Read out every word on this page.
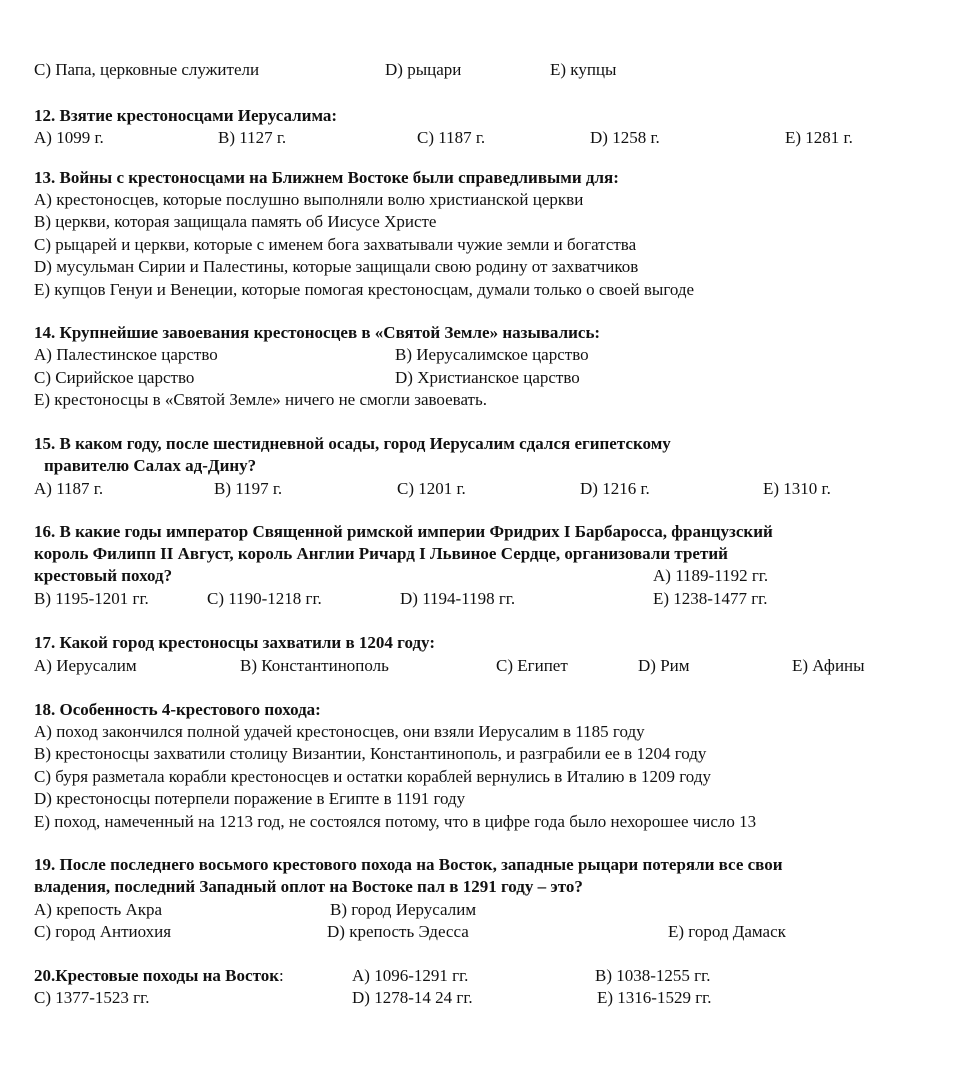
C) Папа, церковные служители	D) рыцари	E) купцы
12. Взятие крестоносцами Иерусалима:
A) 1099 г.	B) 1127 г.	C) 1187 г.	D) 1258 г.	E) 1281 г.
13. Войны с крестоносцами на Ближнем Востоке были справедливыми для:
A) крестоносцев, которые послушно выполняли волю христианской церкви
B) церкви, которая защищала память об Иисусе Христе
C) рыцарей и церкви, которые с именем бога захватывали чужие земли и богатства
D) мусульман Сирии и Палестины, которые защищали свою родину от захватчиков
E) купцов Генуи и Венеции, которые помогая крестоносцам, думали только о своей выгоде
14. Крупнейшие завоевания крестоносцев в «Святой Земле» назывались:
A) Палестинское царство	B) Иерусалимское царство
C) Сирийское царство	D) Христианское царство
E) крестоносцы в «Святой Земле» ничего не смогли завоевать.
15. В каком году, после шестидневной осады, город Иерусалим сдался египетскому
правителю Салах ад-Дину?
A) 1187 г.	B) 1197 г.	C) 1201 г.	D) 1216 г.	E) 1310 г.
16. В какие годы император Священной римской империи Фридрих I Барбаросса, французский
король Филипп II Август, король Англии Ричард I Львиное Сердце, организовали третий
крестовый поход?	A) 1189-1192 гг.
B) 1195-1201 гг.	C) 1190-1218 гг.	D) 1194-1198 гг.	E) 1238-1477 гг.
17. Какой город крестоносцы захватили в 1204 году:
A) Иерусалим	B) Константинополь	C) Египет	D) Рим	E) Афины
18. Особенность 4-крестового похода:
A) поход закончился полной удачей крестоносцев, они взяли Иерусалим в 1185 году
B) крестоносцы захватили столицу Византии, Константинополь, и разграбили ее в 1204 году
C) буря разметала корабли крестоносцев и остатки кораблей вернулись в Италию в 1209 году
D) крестоносцы потерпели поражение в Египте в 1191 году
E) поход, намеченный на 1213 год, не состоялся потому, что в цифре года было нехорошее число 13
19. После последнего восьмого крестового похода на Восток, западные рыцари потеряли все свои
владения, последний Западный оплот на Востоке пал в 1291 году – это?
A) крепость Акра	B) город Иерусалим
C) город Антиохия	D) крепость Эдесса	E) город Дамаск
20.Крестовые походы на Восток:	A) 1096-1291 гг.	B) 1038-1255 гг.
C) 1377-1523 гг.	D) 1278-14 24 гг.	E) 1316-1529 гг.
